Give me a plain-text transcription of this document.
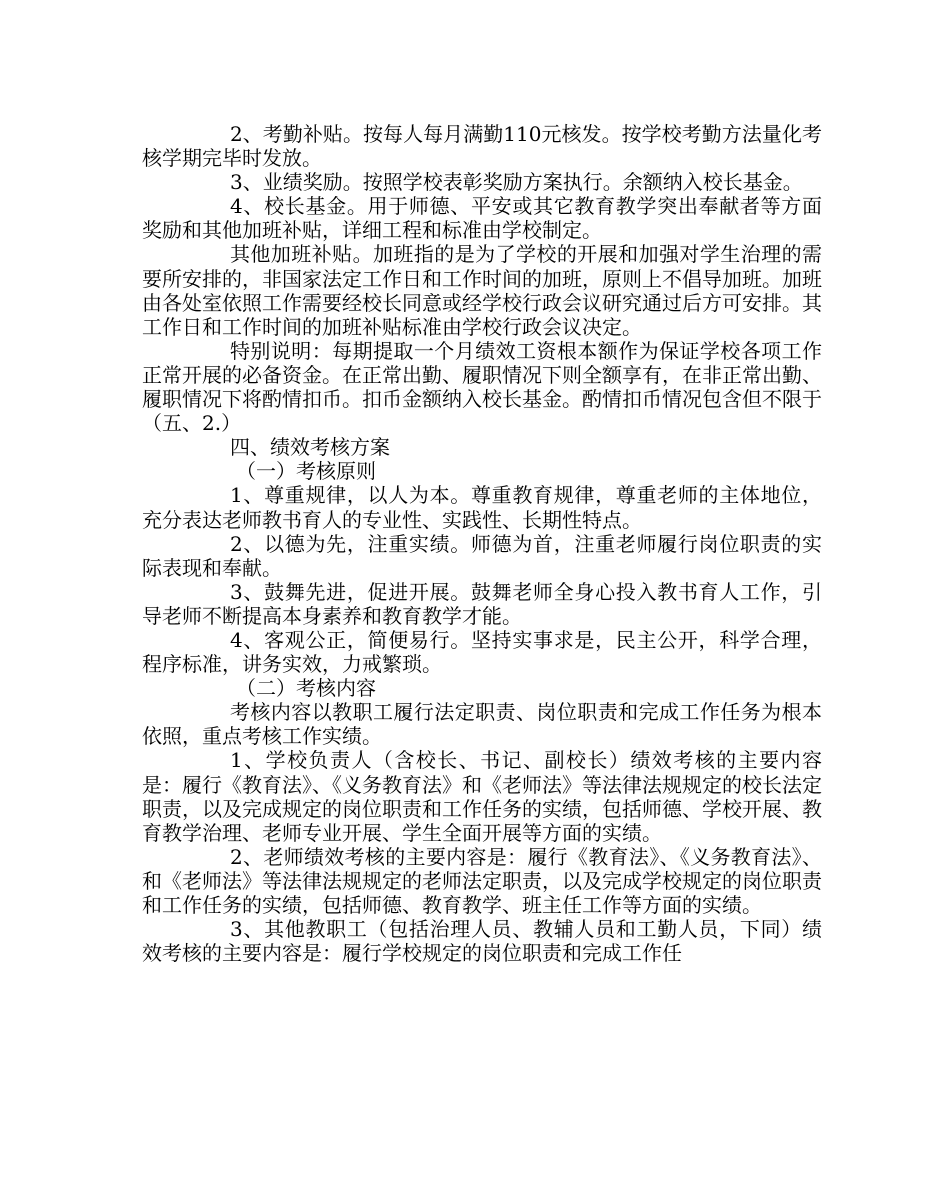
2、考勤补贴。按每人每月满勤110元核发。按学校考勤方法量化考核学期完毕时发放。

3、业绩奖励。按照学校表彰奖励方案执行。余额纳入校长基金。

4、校长基金。用于师德、平安或其它教育教学突出奉献者等方面奖励和其他加班补贴，详细工程和标准由学校制定。

其他加班补贴。加班指的是为了学校的开展和加强对学生治理的需要所安排的，非国家法定工作日和工作时间的加班，原则上不倡导加班。加班由各处室依照工作需要经校长同意或经学校行政会议研究通过后方可安排。其工作日和工作时间的加班补贴标准由学校行政会议决定。

特别说明：每期提取一个月绩效工资根本额作为保证学校各项工作正常开展的必备资金。在正常出勤、履职情况下则全额享有，在非正常出勤、履职情况下将酌情扣币。扣币金额纳入校长基金。酌情扣币情况包含但不限于（五、2.）

四、绩效考核方案

（一）考核原则

1、尊重规律，以人为本。尊重教育规律，尊重老师的主体地位，充分表达老师教书育人的专业性、实践性、长期性特点。

2、以德为先，注重实绩。师德为首，注重老师履行岗位职责的实际表现和奉献。

3、鼓舞先进，促进开展。鼓舞老师全身心投入教书育人工作，引导老师不断提高本身素养和教育教学才能。

4、客观公正，简便易行。坚持实事求是，民主公开，科学合理，程序标准，讲务实效，力戒繁琐。

（二）考核内容

考核内容以教职工履行法定职责、岗位职责和完成工作任务为根本依照，重点考核工作实绩。

1、学校负责人（含校长、书记、副校长）绩效考核的主要内容是：履行《教育法》、《义务教育法》和《老师法》等法律法规规定的校长法定职责，以及完成规定的岗位职责和工作任务的实绩，包括师德、学校开展、教育教学治理、老师专业开展、学生全面开展等方面的实绩。

2、老师绩效考核的主要内容是：履行《教育法》、《义务教育法》、和《老师法》等法律法规规定的老师法定职责，以及完成学校规定的岗位职责和工作任务的实绩，包括师德、教育教学、班主任工作等方面的实绩。

3、其他教职工（包括治理人员、教辅人员和工勤人员，下同）绩效考核的主要内容是：履行学校规定的岗位职责和完成工作任
